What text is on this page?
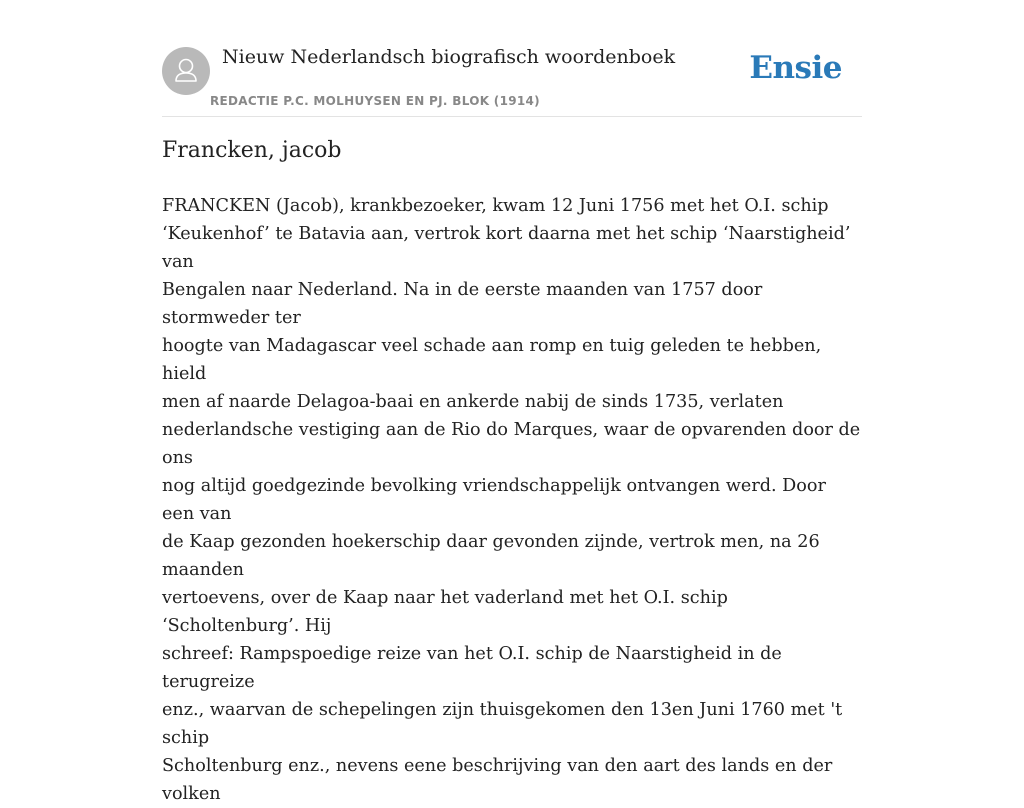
Nieuw Nederlandsch biografisch woordenboek
REDACTIE P.C. MOLHUYSEN EN PJ. BLOK (1914)
Ensie
Francken, jacob
FRANCKEN (Jacob), krankbezoeker, kwam 12 Juni 1756 met het O.I. schip
‘Keukenhof’ te Batavia aan, vertrok kort daarna met het schip ‘Naarstigheid’ van
Bengalen naar Nederland. Na in de eerste maanden van 1757 door stormweder ter
hoogte van Madagascar veel schade aan romp en tuig geleden te hebben, hield
men af naarde Delagoa-baai en ankerde nabij de sinds 1735, verlaten
nederlandsche vestiging aan de Rio do Marques, waar de opvarenden door de ons
nog altijd goedgezinde bevolking vriendschappelijk ontvangen werd. Door een van
de Kaap gezonden hoekerschip daar gevonden zijnde, vertrok men, na 26 maanden
vertoevens, over de Kaap naar het vaderland met het O.I. schip ‘Scholtenburg’. Hij
schreef: Rampspoedige reize van het O.I. schip de Naarstigheid in de terugreize
enz., waarvan de schepelingen zijn thuisgekomen den 13en Juni 1760 met 't schip
Scholtenburg enz., nevens eene beschrijving van den aart des lands en der volken
